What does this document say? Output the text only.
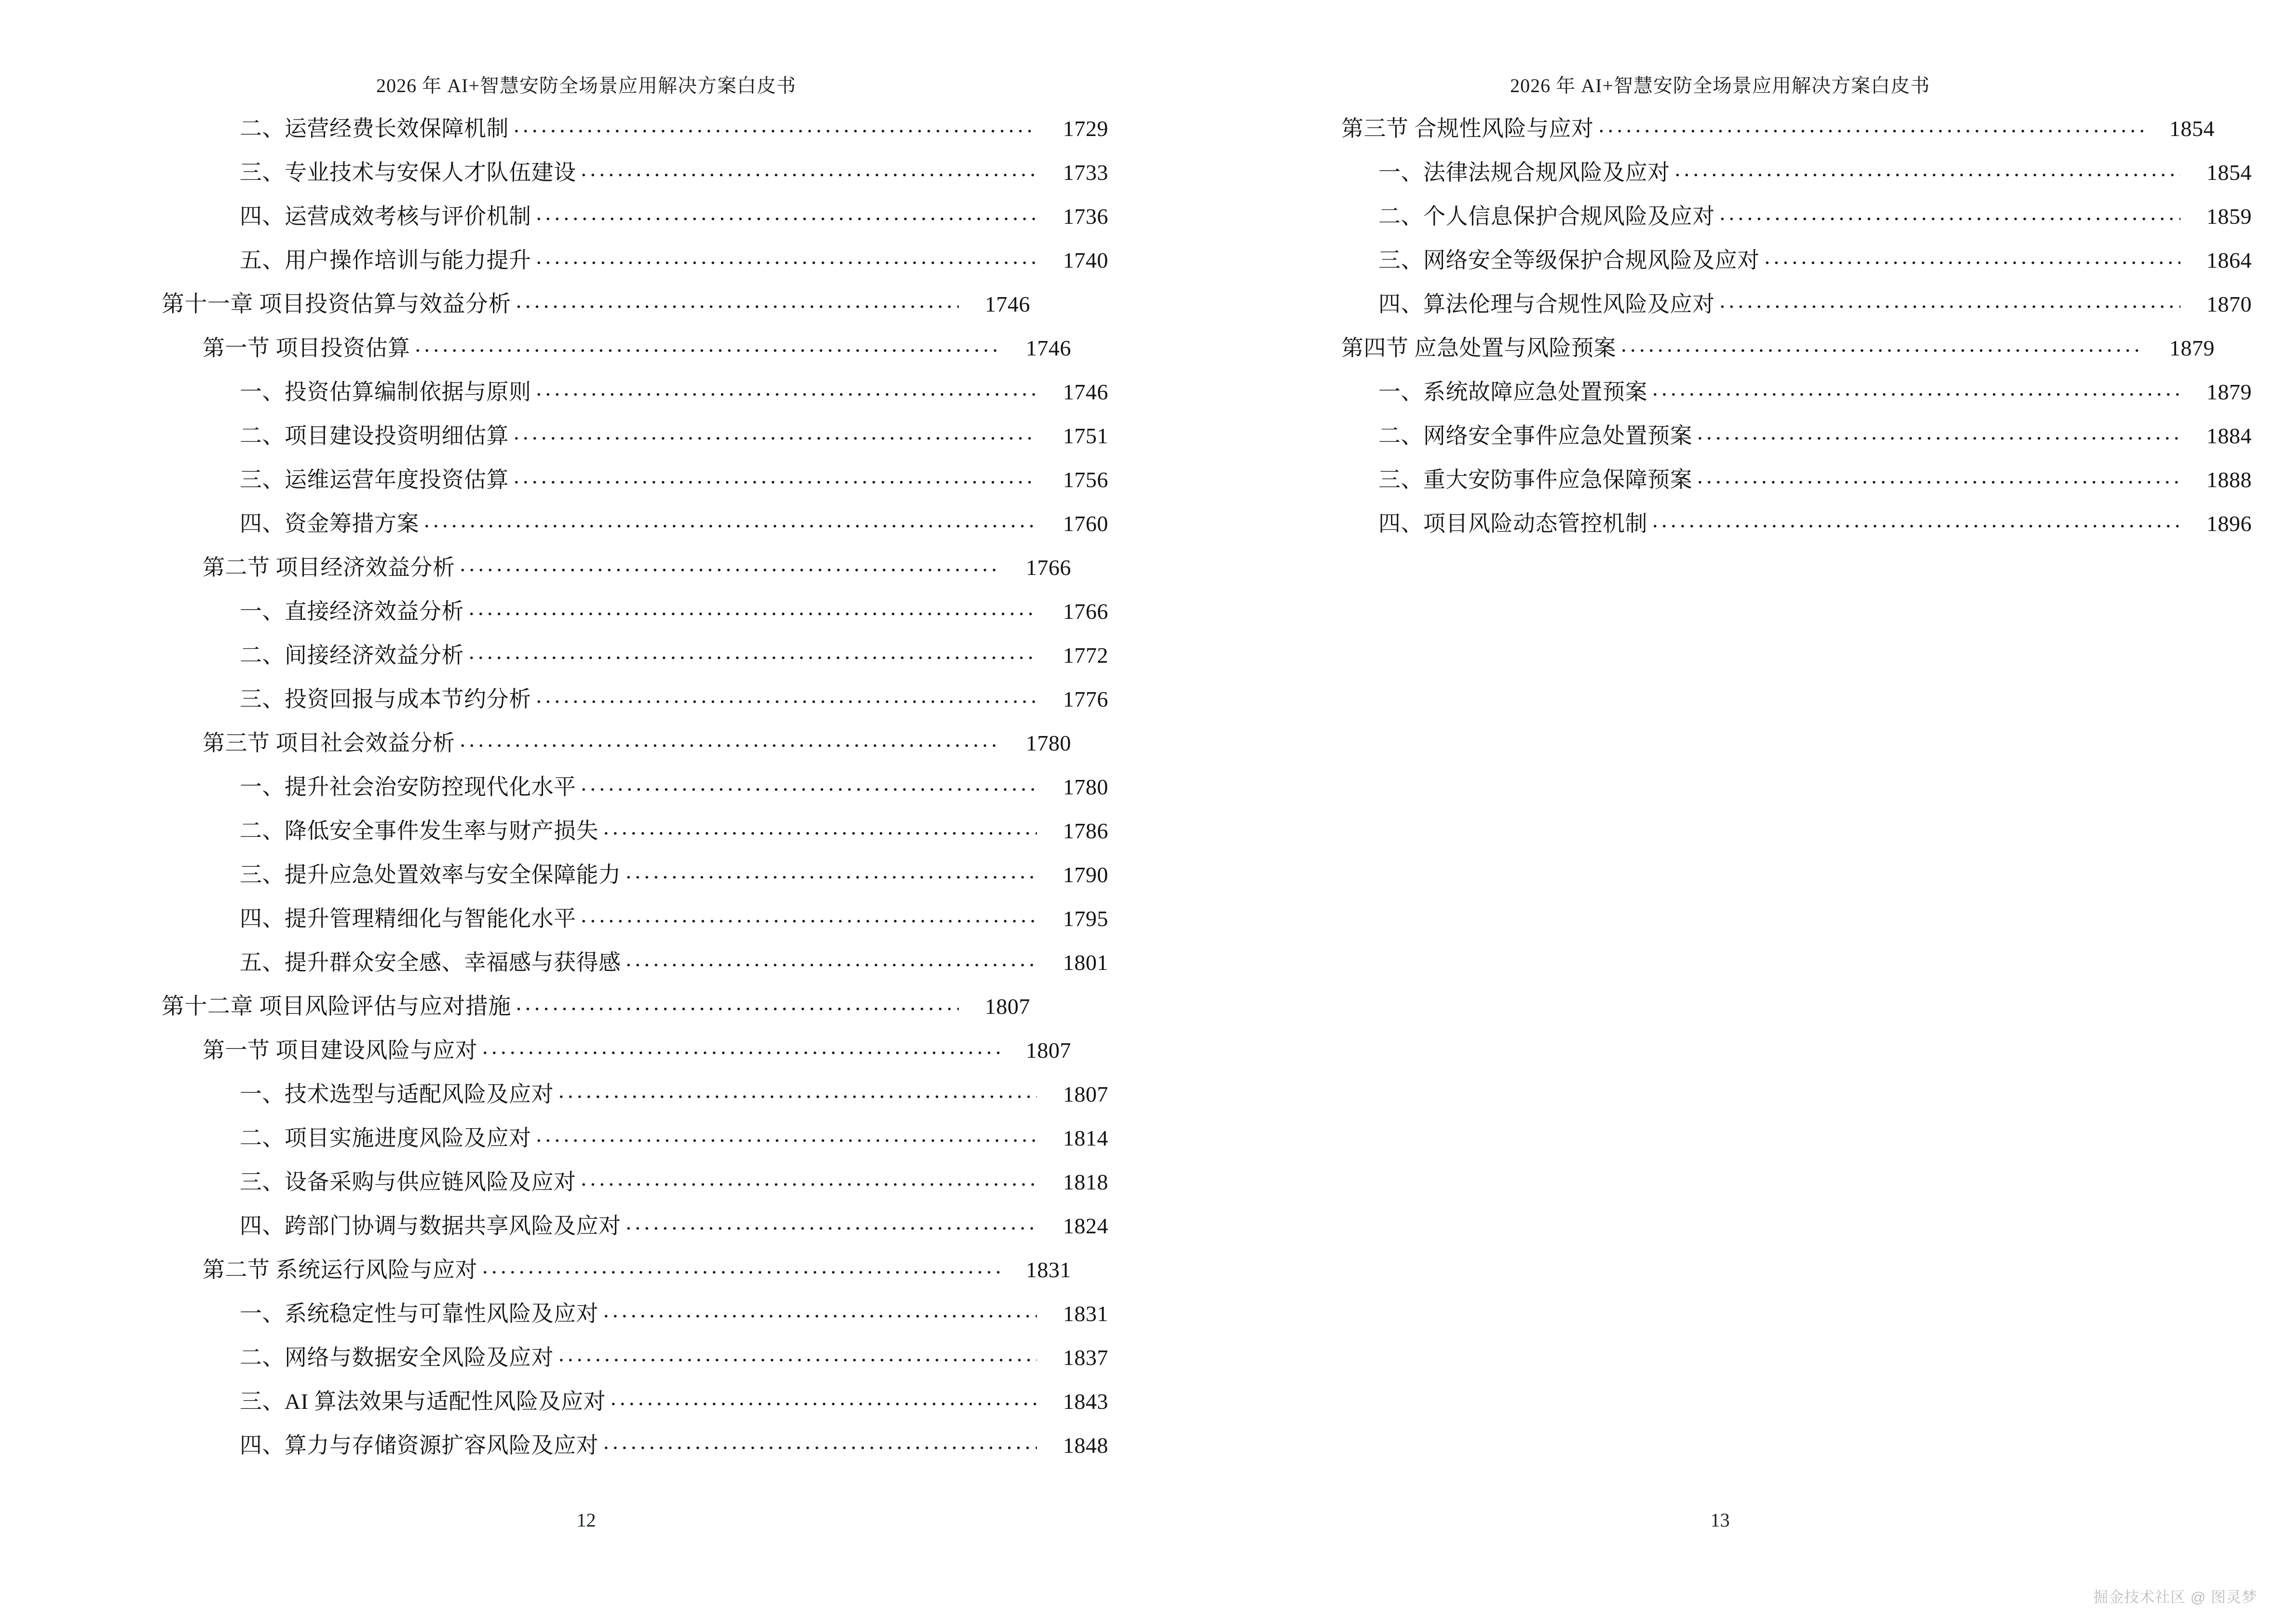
2026 年 AI+智慧安防全场景应用解决方案白皮书
二、运营经费长效保障机制 .....	1729
三、专业技术与安保人才队伍建设 .....	1733
四、运营成效考核与评价机制 .....	1736
五、用户操作培训与能力提升 .....	1740
第十一章 项目投资估算与效益分析 .....	1746
第一节 项目投资估算 .....	1746
一、投资估算编制依据与原则 .....	1746
二、项目建设投资明细估算 .....	1751
三、运维运营年度投资估算 .....	1756
四、资金筹措方案 .....	1760
第二节 项目经济效益分析 .....	1766
一、直接经济效益分析 .....	1766
二、间接经济效益分析 .....	1772
三、投资回报与成本节约分析 .....	1776
第三节 项目社会效益分析 .....	1780
一、提升社会治安防控现代化水平 .....	1780
二、降低安全事件发生率与财产损失 .....	1786
三、提升应急处置效率与安全保障能力 .....	1790
四、提升管理精细化与智能化水平 .....	1795
五、提升群众安全感、幸福感与获得感 .....	1801
第十二章 项目风险评估与应对措施 .....	1807
第一节 项目建设风险与应对 .....	1807
一、技术选型与适配风险及应对 .....	1807
二、项目实施进度风险及应对 .....	1814
三、设备采购与供应链风险及应对 .....	1818
四、跨部门协调与数据共享风险及应对 .....	1824
第二节 系统运行风险与应对 .....	1831
一、系统稳定性与可靠性风险及应对 .....	1831
二、网络与数据安全风险及应对 .....	1837
三、AI 算法效果与适配性风险及应对 .....	1843
四、算力与存储资源扩容风险及应对 .....	1848
12
2026 年 AI+智慧安防全场景应用解决方案白皮书
第三节 合规性风险与应对 .....	1854
一、法律法规合规风险及应对 .....	1854
二、个人信息保护合规风险及应对 .....	1859
三、网络安全等级保护合规风险及应对 .....	1864
四、算法伦理与合规性风险及应对 .....	1870
第四节 应急处置与风险预案 .....	1879
一、系统故障应急处置预案 .....	1879
二、网络安全事件应急处置预案 .....	1884
三、重大安防事件应急保障预案 .....	1888
四、项目风险动态管控机制 .....	1896
13
掘金技术社区 @ 图灵梦
